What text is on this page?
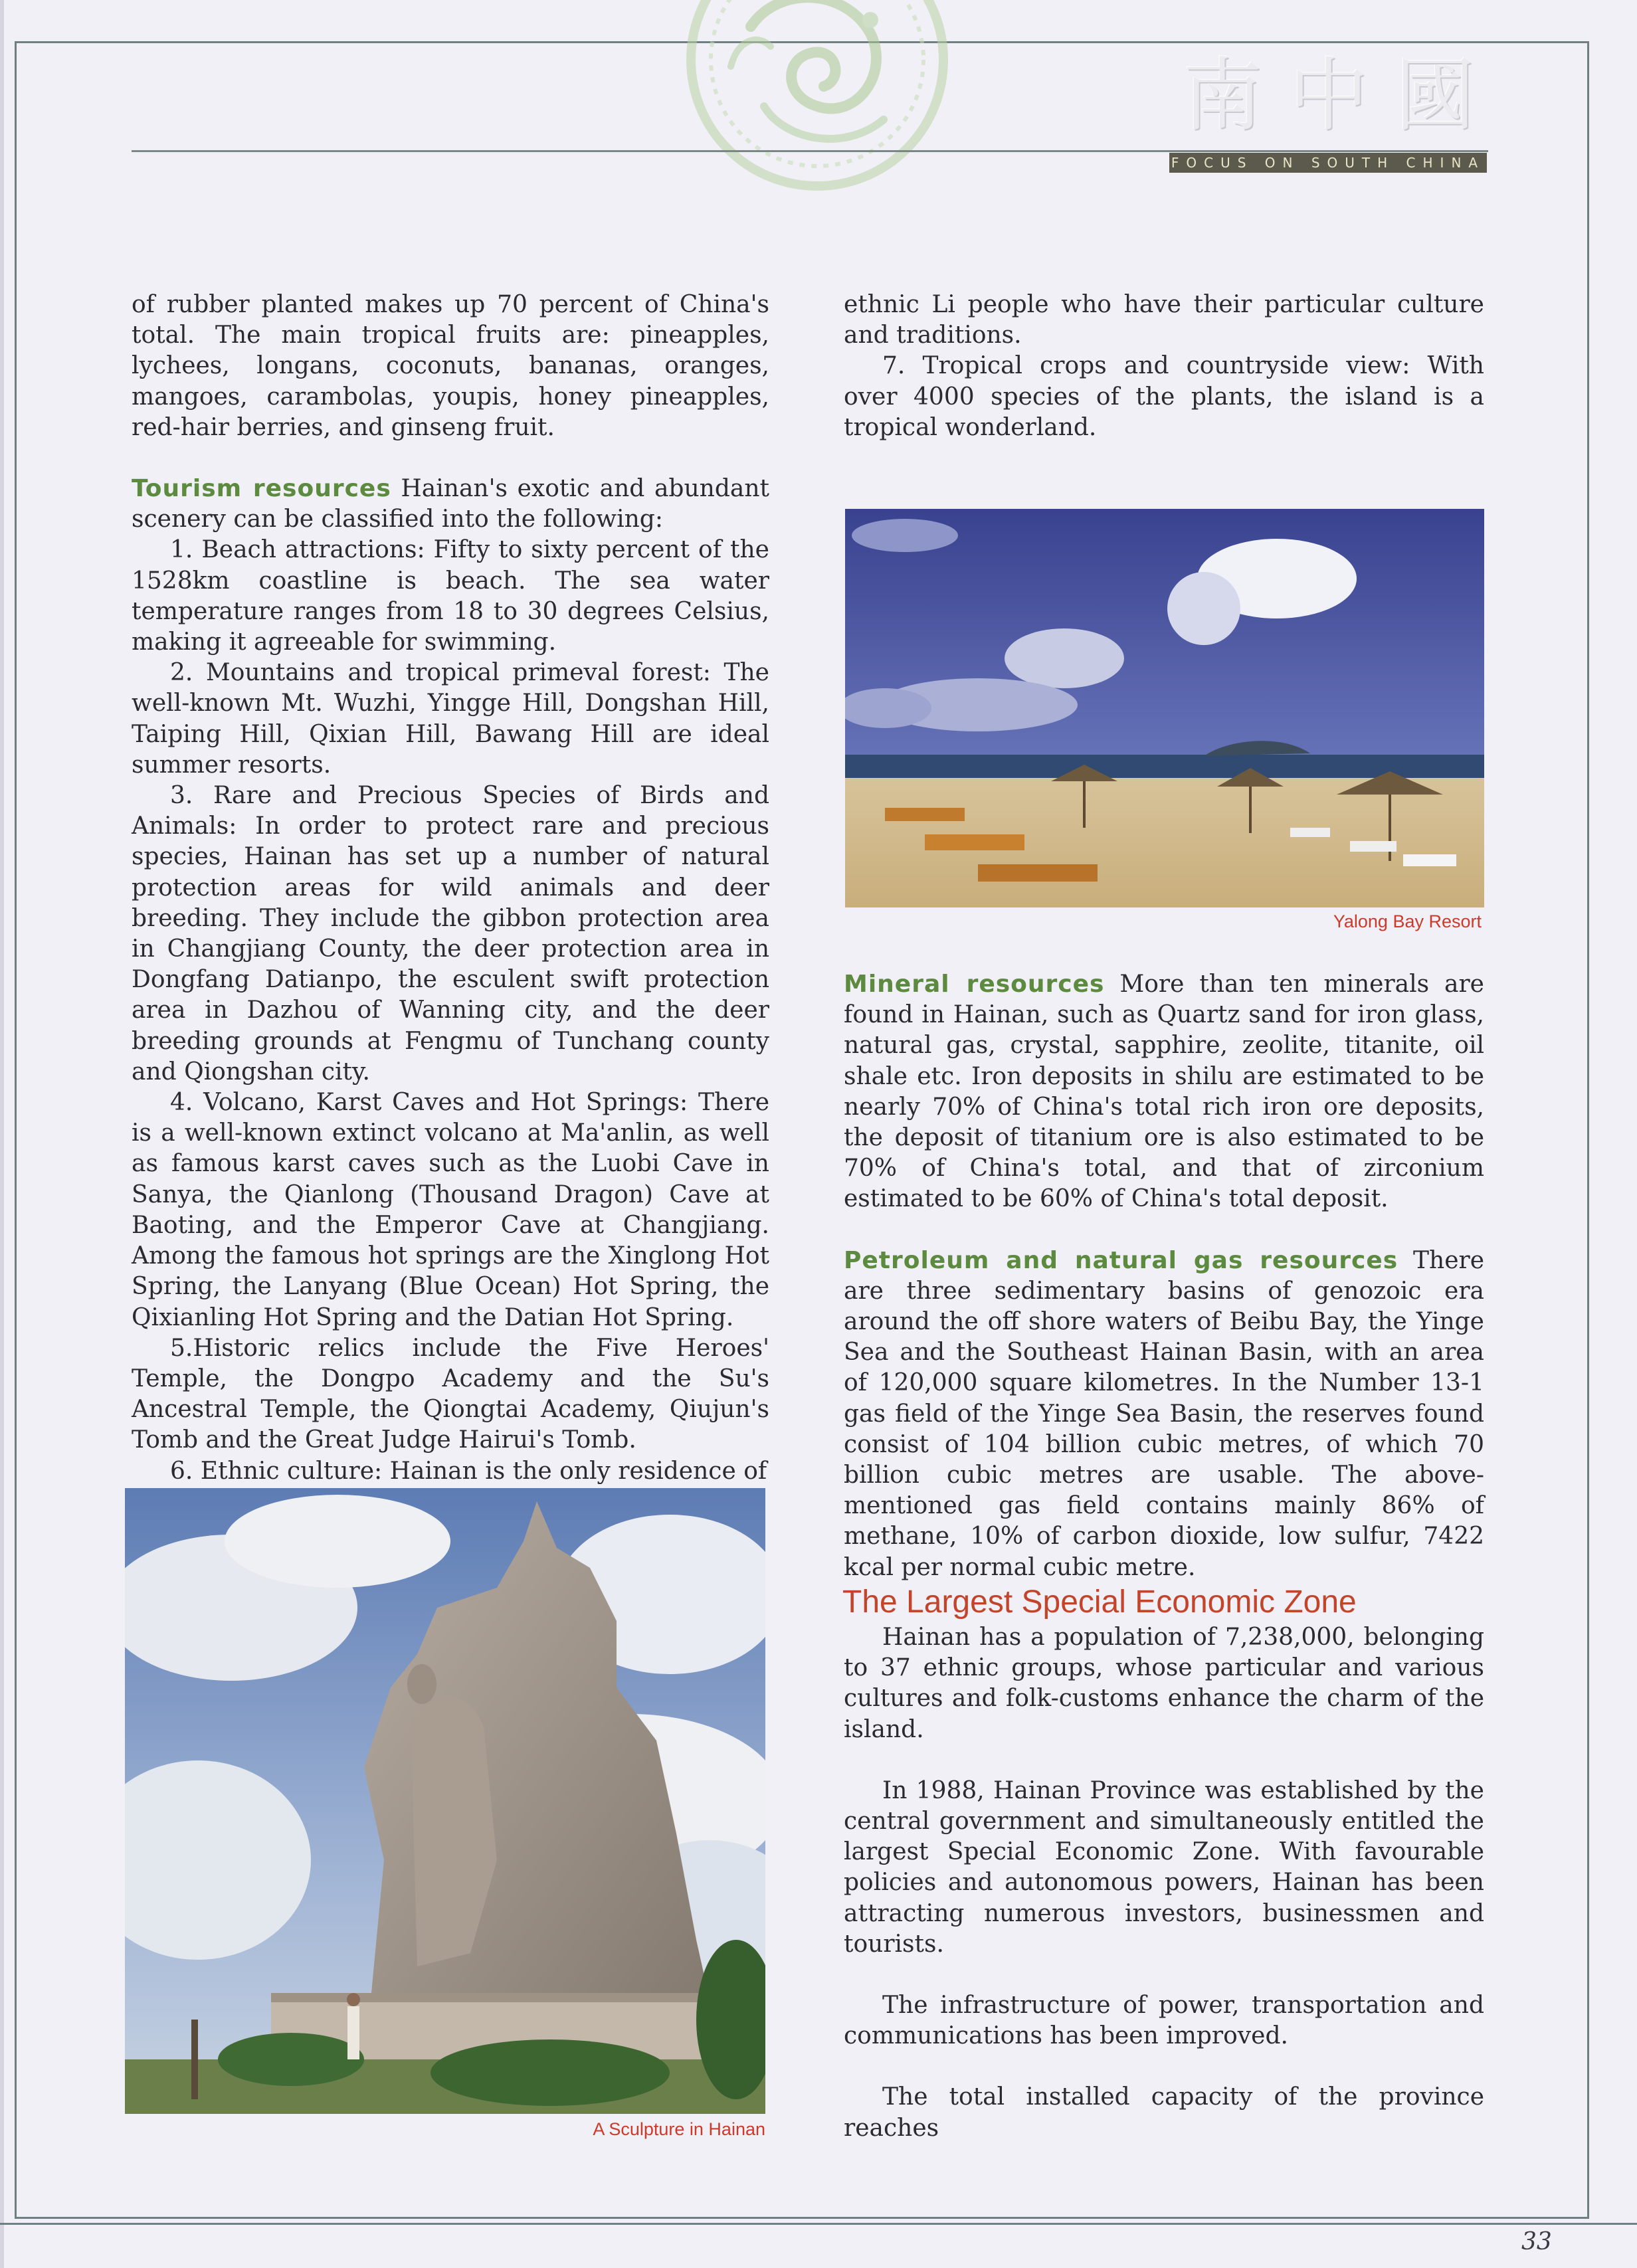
南中國
FOCUS ON SOUTH CHINA

of rubber planted makes up 70 percent of China's total. The main tropical fruits are: pineapples, lychees, longans, coconuts, bananas, oranges, mangoes, carambolas, youpis, honey pineapples, red-hair berries, and ginseng fruit.

Tourism resources Hainan's exotic and abundant scenery can be classified into the following:

1. Beach attractions: Fifty to sixty percent of the 1528km coastline is beach. The sea water temperature ranges from 18 to 30 degrees Celsius, making it agreeable for swimming.

2. Mountains and tropical primeval forest: The well-known Mt. Wuzhi, Yingge Hill, Dongshan Hill, Taiping Hill, Qixian Hill, Bawang Hill are ideal summer resorts.

3. Rare and Precious Species of Birds and Animals: In order to protect rare and precious species, Hainan has set up a number of natural protection areas for wild animals and deer breeding. They include the gibbon protection area in Changjiang County, the deer protection area in Dongfang Datianpo, the esculent swift protection area in Dazhou of Wanning city, and the deer breeding grounds at Fengmu of Tunchang county and Qiongshan city.

4. Volcano, Karst Caves and Hot Springs: There is a well-known extinct volcano at Ma'anlin, as well as famous karst caves such as the Luobi Cave in Sanya, the Qianlong (Thousand Dragon) Cave at Baoting, and the Emperor Cave at Changjiang. Among the famous hot springs are the Xinglong Hot Spring, the Lanyang (Blue Ocean) Hot Spring, the Qixianling Hot Spring and the Datian Hot Spring.

5.Historic relics include the Five Heroes' Temple, the Dongpo Academy and the Su's Ancestral Temple, the Qiongtai Academy, Qiujun's Tomb and the Great Judge Hairui's Tomb.

6. Ethnic culture: Hainan is the only residence of

A Sculpture in Hainan

ethnic Li people who have their particular culture and traditions.

7. Tropical crops and countryside view: With over 4000 species of the plants, the island is a tropical wonderland.

Yalong Bay Resort

Mineral resources More than ten minerals are found in Hainan, such as Quartz sand for iron glass, natural gas, crystal, sapphire, zeolite, titanite, oil shale etc. Iron deposits in shilu are estimated to be nearly 70% of China's total rich iron ore deposits, the deposit of titanium ore is also estimated to be 70% of China's total, and that of zirconium estimated to be 60% of China's total deposit.

Petroleum and natural gas resources There are three sedimentary basins of genozoic era around the off shore waters of Beibu Bay, the Yinge Sea and the Southeast Hainan Basin, with an area of 120,000 square kilometres. In the Number 13-1 gas field of the Yinge Sea Basin, the reserves found consist of 104 billion cubic metres, of which 70 billion cubic metres are usable. The above-mentioned gas field contains mainly 86% of methane, 10% of carbon dioxide, low sulfur, 7422 kcal per normal cubic metre.

The Largest Special Economic Zone

Hainan has a population of 7,238,000, belonging to 37 ethnic groups, whose particular and various cultures and folk-customs enhance the charm of the island.

In 1988, Hainan Province was established by the central government and simultaneously entitled the largest Special Economic Zone. With favourable policies and autonomous powers, Hainan has been attracting numerous investors, businessmen and tourists.

The infrastructure of power, transportation and communications has been improved.

The total installed capacity of the province reaches

33
